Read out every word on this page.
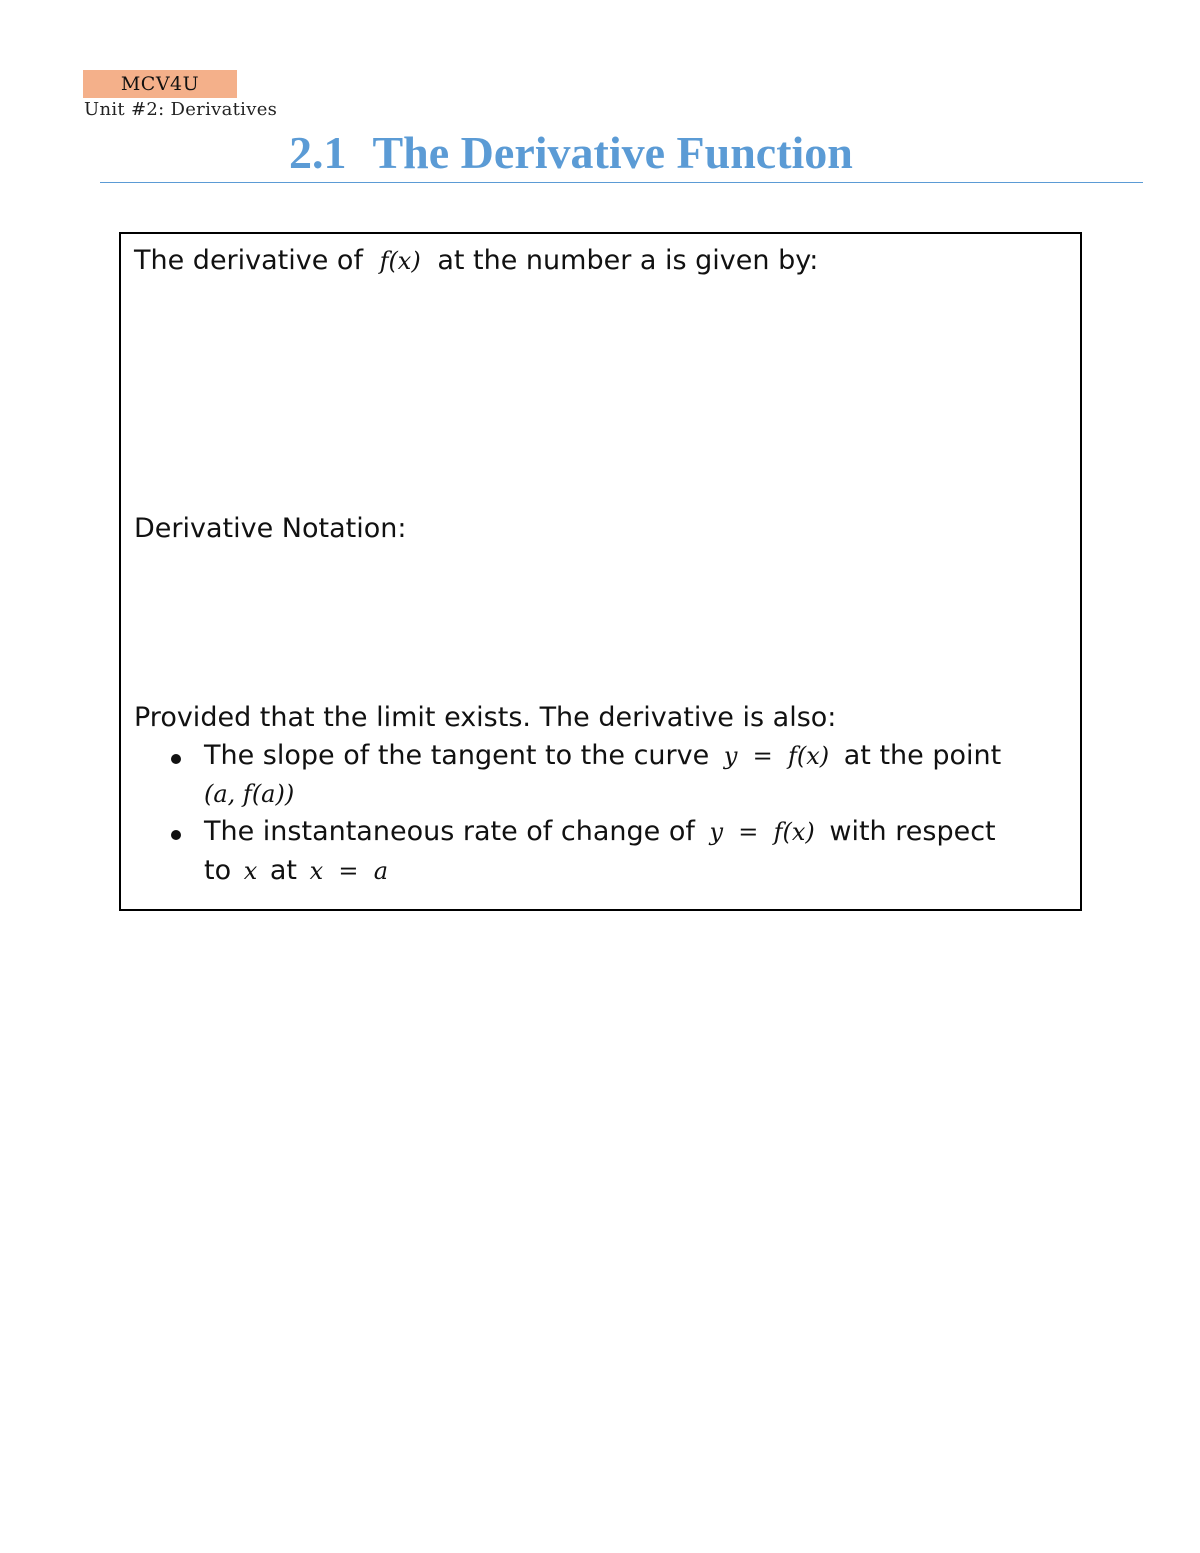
MCV4U
Unit #2: Derivatives
2.1 The Derivative Function
The derivative of f(x) at the number a is given by:
Derivative Notation:
Provided that the limit exists. The derivative is also:
The slope of the tangent to the curve y  =  f(x) at the point
(a, f(a))
The instantaneous rate of change of y  =  f(x) with respect
to x at x  =  a
